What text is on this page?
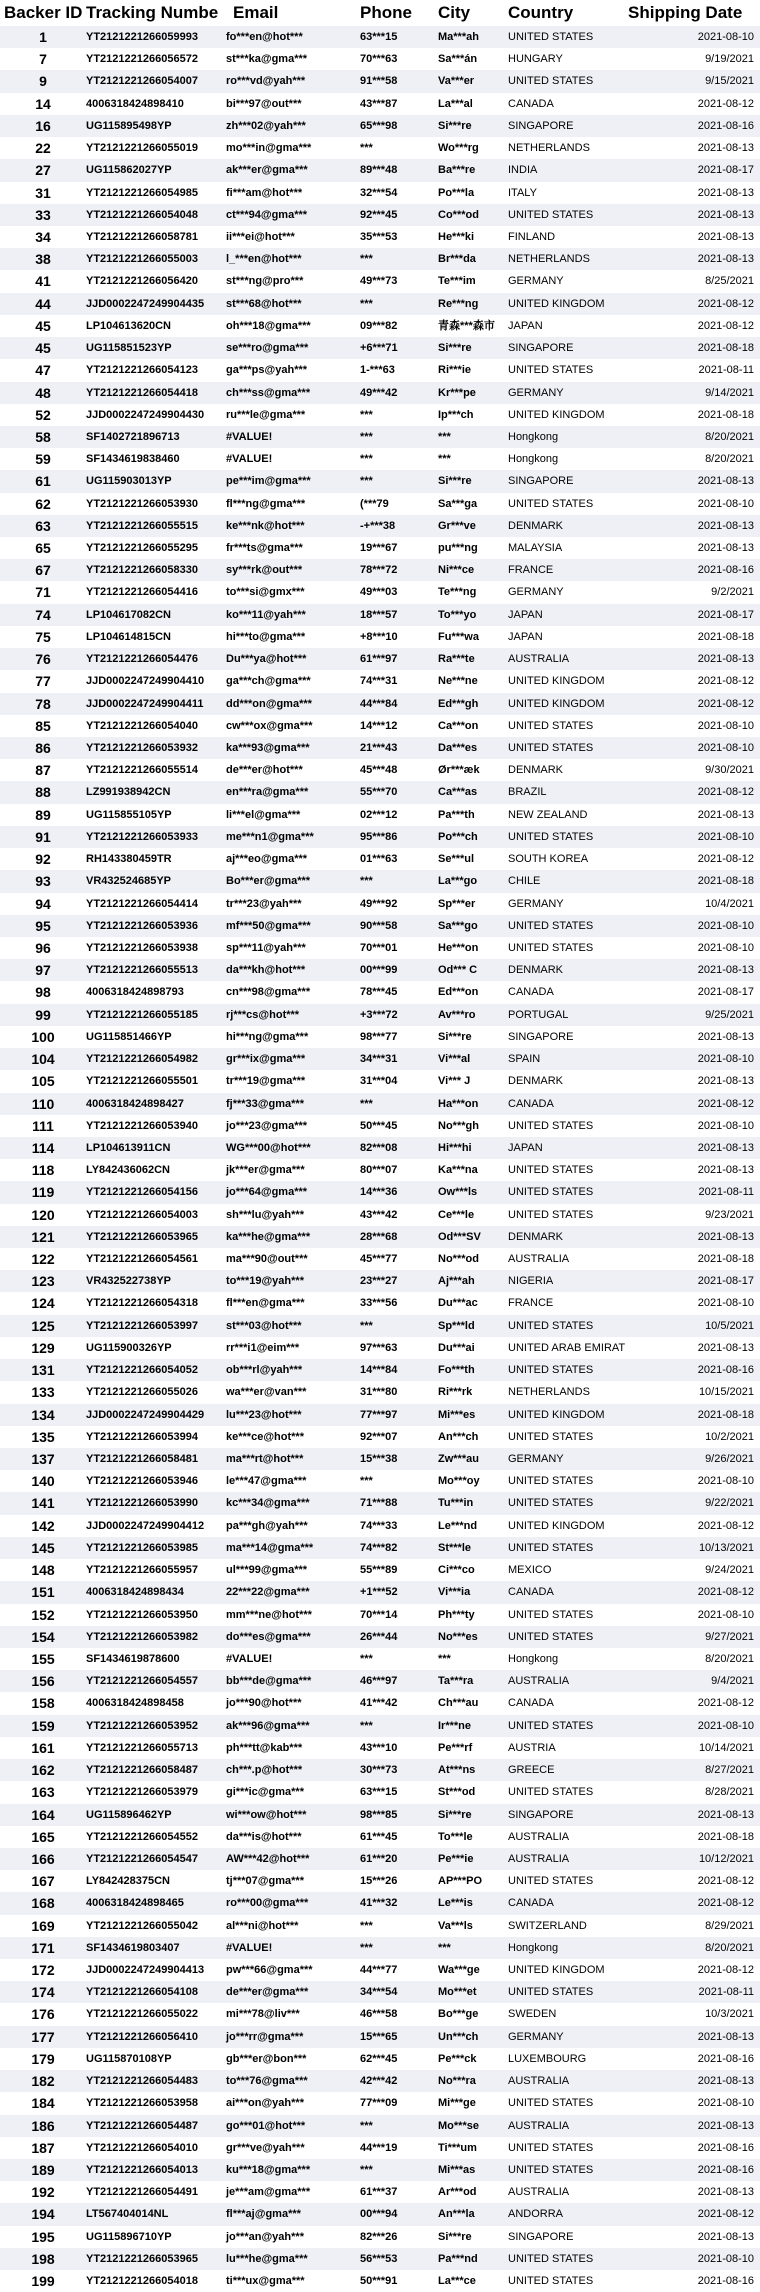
Backer ID Tracking Numbe Email	Phone City Country	Shipping Date
1	YT2121221266059993	fo***en@hot***	63***15	Ma***ah	UNITED STATES	2021-08-10
7	YT2121221266056572	st***ka@gma***	70***63	Sa***án	HUNGARY	9/19/2021
9	YT2121221266054007	ro***vd@yah***	91***58	Va***er	UNITED STATES	9/15/2021
14	4006318424898410	bi***97@out***	43***87	La***al	CANADA	2021-08-12
16	UG115895498YP	zh***02@yah***	65***98	Si***re	SINGAPORE	2021-08-16
22	YT2121221266055019	mo***in@gma***	***	Wo***rg	NETHERLANDS	2021-08-13
27	UG115862027YP	ak***er@gma***	89***48	Ba***re	INDIA	2021-08-17
31	YT2121221266054985	fi***am@hot***	32***54	Po***la	ITALY	2021-08-13
33	YT2121221266054048	ct***94@gma***	92***45	Co***od	UNITED STATES	2021-08-13
34	YT2121221266058781	ii***ei@hot***	35***53	He***ki	FINLAND	2021-08-13
38	YT2121221266055003	l_***en@hot***	***	Br***da	NETHERLANDS	2021-08-13
41	YT2121221266056420	st***ng@pro***	49***73	Te***im	GERMANY	8/25/2021
44	JJD0002247249904435	st***68@hot***	***	Re***ng	UNITED KINGDOM	2021-08-12
45	LP104613620CN	oh***18@gma***	09***82	青森***森市	JAPAN	2021-08-12
45	UG115851523YP	se***ro@gma***	+6***71	Si***re	SINGAPORE	2021-08-18
47	YT2121221266054123	ga***ps@yah***	1-***63	Ri***ie	UNITED STATES	2021-08-11
48	YT2121221266054418	ch***ss@gma***	49***42	Kr***pe	GERMANY	9/14/2021
52	JJD0002247249904430	ru***le@gma***	***	Ip***ch	UNITED KINGDOM	2021-08-18
58	SF1402721896713	#VALUE!	***	***	Hongkong	8/20/2021
59	SF1434619838460	#VALUE!	***	***	Hongkong	8/20/2021
61	UG115903013YP	pe***im@gma***	***	Si***re	SINGAPORE	2021-08-13
62	YT2121221266053930	fl***ng@gma***	(***79	Sa***ga	UNITED STATES	2021-08-10
63	YT2121221266055515	ke***nk@hot***	-+***38	Gr***ve	DENMARK	2021-08-13
65	YT2121221266055295	fr***ts@gma***	19***67	pu***ng	MALAYSIA	2021-08-13
67	YT2121221266058330	sy***rk@out***	78***72	Ni***ce	FRANCE	2021-08-16
71	YT2121221266054416	to***si@gmx***	49***03	Te***ng	GERMANY	9/2/2021
74	LP104617082CN	ko***11@yah***	18***57	To***yo	JAPAN	2021-08-17
75	LP104614815CN	hi***to@gma***	+8***10	Fu***wa	JAPAN	2021-08-18
76	YT2121221266054476	Du***ya@hot***	61***97	Ra***te	AUSTRALIA	2021-08-13
77	JJD0002247249904410	ga***ch@gma***	74***31	Ne***ne	UNITED KINGDOM	2021-08-12
78	JJD0002247249904411	dd***on@gma***	44***84	Ed***gh	UNITED KINGDOM	2021-08-12
85	YT2121221266054040	cw***ox@gma***	14***12	Ca***on	UNITED STATES	2021-08-10
86	YT2121221266053932	ka***93@gma***	21***43	Da***es	UNITED STATES	2021-08-10
87	YT2121221266055514	de***er@hot***	45***48	Ør***æk	DENMARK	9/30/2021
88	LZ991938942CN	en***ra@gma***	55***70	Ca***as	BRAZIL	2021-08-12
89	UG115855105YP	li***el@gma***	02***12	Pa***th	NEW ZEALAND	2021-08-13
91	YT2121221266053933	me***n1@gma***	95***86	Po***ch	UNITED STATES	2021-08-10
92	RH143380459TR	aj***eo@gma***	01***63	Se***ul	SOUTH KOREA	2021-08-12
93	VR432524685YP	Bo***er@gma***	***	La***go	CHILE	2021-08-18
94	YT2121221266054414	tr***23@yah***	49***92	Sp***er	GERMANY	10/4/2021
95	YT2121221266053936	mf***50@gma***	90***58	Sa***go	UNITED STATES	2021-08-10
96	YT2121221266053938	sp***11@yah***	70***01	He***on	UNITED STATES	2021-08-10
97	YT2121221266055513	da***kh@hot***	00***99	Od*** C	DENMARK	2021-08-13
98	4006318424898793	cn***98@gma***	78***45	Ed***on	CANADA	2021-08-17
99	YT2121221266055185	rj***cs@hot***	+3***72	Av***ro	PORTUGAL	9/25/2021
100	UG115851466YP	hi***ng@gma***	98***77	Si***re	SINGAPORE	2021-08-13
104	YT2121221266054982	gr***ix@gma***	34***31	Vi***al	SPAIN	2021-08-10
105	YT2121221266055501	tr***19@gma***	31***04	Vi*** J	DENMARK	2021-08-13
110	4006318424898427	fj***33@gma***	***	Ha***on	CANADA	2021-08-12
111	YT2121221266053940	jo***23@gma***	50***45	No***gh	UNITED STATES	2021-08-10
114	LP104613911CN	WG***00@hot***	82***08	Hi***hi	JAPAN	2021-08-13
118	LY842436062CN	jk***er@gma***	80***07	Ka***na	UNITED STATES	2021-08-13
119	YT2121221266054156	jo***64@gma***	14***36	Ow***ls	UNITED STATES	2021-08-11
120	YT2121221266054003	sh***lu@yah***	43***42	Ce***le	UNITED STATES	9/23/2021
121	YT2121221266053965	ka***he@gma***	28***68	Od***SV	DENMARK	2021-08-13
122	YT2121221266054561	ma***90@out***	45***77	No***od	AUSTRALIA	2021-08-18
123	VR432522738YP	to***19@yah***	23***27	Aj***ah	NIGERIA	2021-08-17
124	YT2121221266054318	fl***en@gma***	33***56	Du***ac	FRANCE	2021-08-10
125	YT2121221266053997	st***03@hot***	***	Sp***ld	UNITED STATES	10/5/2021
129	UG115900326YP	rr***i1@eim***	97***63	Du***ai	UNITED ARAB EMIRAT	2021-08-13
131	YT2121221266054052	ob***rl@yah***	14***84	Fo***th	UNITED STATES	2021-08-16
133	YT2121221266055026	wa***er@van***	31***80	Ri***rk	NETHERLANDS	10/15/2021
134	JJD0002247249904429	lu***23@hot***	77***97	Mi***es	UNITED KINGDOM	2021-08-18
135	YT2121221266053994	ke***ce@hot***	92***07	An***ch	UNITED STATES	10/2/2021
137	YT2121221266058481	ma***rt@hot***	15***38	Zw***au	GERMANY	9/26/2021
140	YT2121221266053946	le***47@gma***	***	Mo***oy	UNITED STATES	2021-08-10
141	YT2121221266053990	kc***34@gma***	71***88	Tu***in	UNITED STATES	9/22/2021
142	JJD0002247249904412	pa***gh@yah***	74***33	Le***nd	UNITED KINGDOM	2021-08-12
145	YT2121221266053985	ma***14@gma***	74***82	St***le	UNITED STATES	10/13/2021
148	YT2121221266055957	ul***99@gma***	55***89	Ci***co	MEXICO	9/24/2021
151	4006318424898434	22***22@gma***	+1***52	Vi***ia	CANADA	2021-08-12
152	YT2121221266053950	mm***ne@hot***	70***14	Ph***ty	UNITED STATES	2021-08-10
154	YT2121221266053982	do***es@gma***	26***44	No***es	UNITED STATES	9/27/2021
155	SF1434619878600	#VALUE!	***	***	Hongkong	8/20/2021
156	YT2121221266054557	bb***de@gma***	46***97	Ta***ra	AUSTRALIA	9/4/2021
158	4006318424898458	jo***90@hot***	41***42	Ch***au	CANADA	2021-08-12
159	YT2121221266053952	ak***96@gma***	***	Ir***ne	UNITED STATES	2021-08-10
161	YT2121221266055713	ph***tt@kab***	43***10	Pe***rf	AUSTRIA	10/14/2021
162	YT2121221266058487	ch***.p@hot***	30***73	At***ns	GREECE	8/27/2021
163	YT2121221266053979	gi***ic@gma***	63***15	St***od	UNITED STATES	8/28/2021
164	UG115896462YP	wi***ow@hot***	98***85	Si***re	SINGAPORE	2021-08-13
165	YT2121221266054552	da***is@hot***	61***45	To***le	AUSTRALIA	2021-08-18
166	YT2121221266054547	AW***42@hot***	61***20	Pe***ie	AUSTRALIA	10/12/2021
167	LY842428375CN	tj***07@gma***	15***26	AP***PO	UNITED STATES	2021-08-12
168	4006318424898465	ro***00@gma***	41***32	Le***is	CANADA	2021-08-12
169	YT2121221266055042	al***ni@hot***	***	Va***ls	SWITZERLAND	8/29/2021
171	SF1434619803407	#VALUE!	***	***	Hongkong	8/20/2021
172	JJD0002247249904413	pw***66@gma***	44***77	Wa***ge	UNITED KINGDOM	2021-08-12
174	YT2121221266054108	de***er@gma***	34***54	Mo***et	UNITED STATES	2021-08-11
176	YT2121221266055022	mi***78@liv***	46***58	Bo***ge	SWEDEN	10/3/2021
177	YT2121221266056410	jo***rr@gma***	15***65	Un***ch	GERMANY	2021-08-13
179	UG115870108YP	gb***er@bon***	62***45	Pe***ck	LUXEMBOURG	2021-08-16
182	YT2121221266054483	to***76@gma***	42***42	No***ra	AUSTRALIA	2021-08-13
184	YT2121221266053958	ai***on@yah***	77***09	Mi***ge	UNITED STATES	2021-08-10
186	YT2121221266054487	go***01@hot***	***	Mo***se	AUSTRALIA	2021-08-13
187	YT2121221266054010	gr***ve@yah***	44***19	Ti***um	UNITED STATES	2021-08-16
189	YT2121221266054013	ku***18@gma***	***	Mi***as	UNITED STATES	2021-08-16
192	YT2121221266054491	je***am@gma***	61***37	Ar***od	AUSTRALIA	2021-08-13
194	LT567404014NL	fl***aj@gma***	00***94	An***la	ANDORRA	2021-08-12
195	UG115896710YP	jo***an@yah***	82***26	Si***re	SINGAPORE	2021-08-13
198	YT2121221266053965	lu***he@gma***	56***53	Pa***nd	UNITED STATES	2021-08-10
199	YT2121221266054018	ti***ux@gma***	50***91	La***ce	UNITED STATES	2021-08-16
